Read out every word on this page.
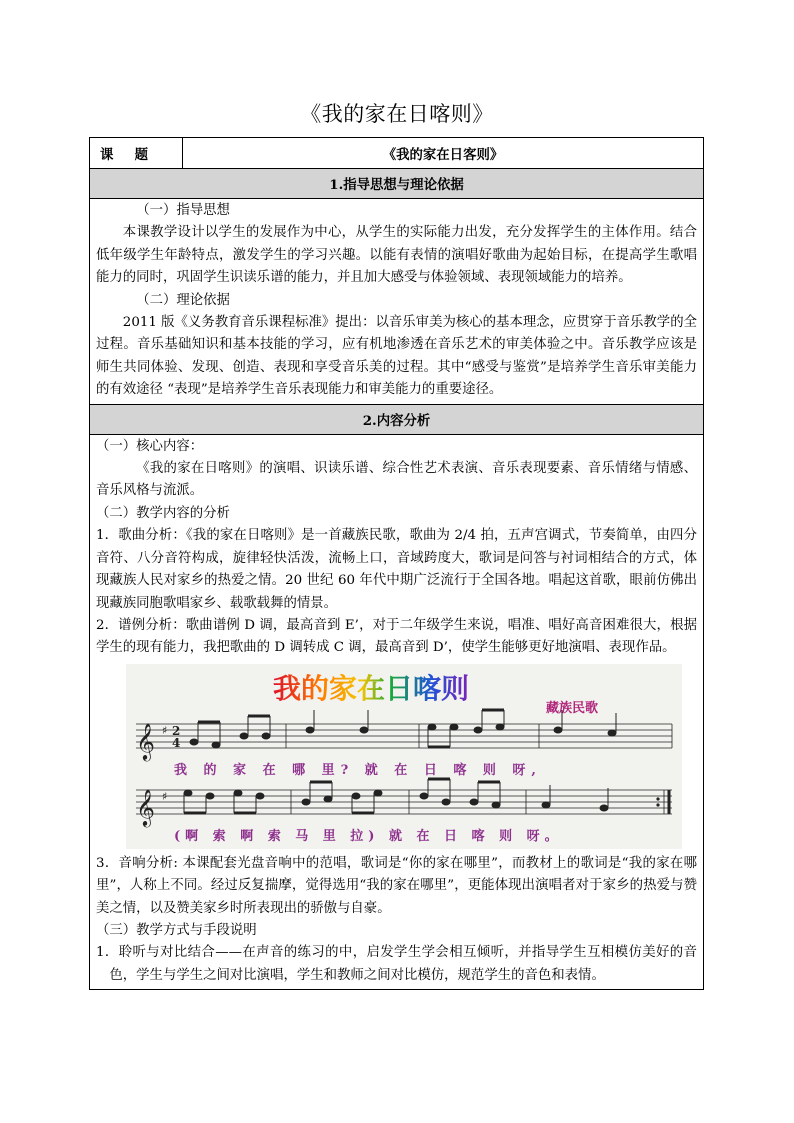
《我的家在日喀则》
课 题	《我的家在日客则》
1.指导思想与理论依据

（一）指导思想

本课教学设计以学生的发展作为中心，从学生的实际能力出发，充分发挥学生的主体作用。结合低年级学生年龄特点，激发学生的学习兴趣。以能有表情的演唱好歌曲为起始目标，在提高学生歌唱能力的同时，巩固学生识读乐谱的能力，并且加大感受与体验领域、表现领域能力的培养。

（二）理论依据

2011 版《义务教育音乐课程标准》提出：以音乐审美为核心的基本理念，应贯穿于音乐教学的全过程。音乐基础知识和基本技能的学习，应有机地渗透在音乐艺术的审美体验之中。音乐教学应该是师生共同体验、发现、创造、表现和享受音乐美的过程。其中“感受与鉴赏”是培养学生音乐审美能力的有效途径 “表现”是培养学生音乐表现能力和审美能力的重要途径。

2.内容分析

（一）核心内容：

《我的家在日喀则》的演唱、识读乐谱、综合性艺术表演、音乐表现要素、音乐情绪与情感、音乐风格与流派。

（二）教学内容的分析

1．歌曲分析：《我的家在日喀则》是一首藏族民歌，歌曲为 2/4 拍，五声宫调式，节奏简单，由四分音符、八分音符构成，旋律轻快活泼，流畅上口，音域跨度大，歌词是问答与衬词相结合的方式，体现藏族人民对家乡的热爱之情。20 世纪 60 年代中期广泛流行于全国各地。唱起这首歌，眼前仿佛出现藏族同胞歌唱家乡、载歌载舞的情景。

2．谱例分析：歌曲谱例 D 调，最高音到 E’，对于二年级学生来说，唱准、唱好高音困难很大，根据学生的现有能力，我把歌曲的 D 调转成 C 调，最高音到 D’，使学生能够更好地演唱、表现作品。

我的家在日喀则
藏族民歌
𝄞 ♯ 2
4
我 的 家 在 哪 里? 就 在 日 喀 则 呀,
𝄞 ♯
(啊 索 啊 索 马 里 拉) 就 在 日 喀 则 呀。

3．音响分析: 本课配套光盘音响中的范唱，歌词是“你的家在哪里”，而教材上的歌词是“我的家在哪里”，人称上不同。经过反复揣摩，觉得选用“我的家在哪里”，更能体现出演唱者对于家乡的热爱与赞美之情，以及赞美家乡时所表现出的骄傲与自豪。

（三）教学方式与手段说明

1．聆听与对比结合——在声音的练习的中，启发学生学会相互倾听，并指导学生互相模仿美好的音色，学生与学生之间对比演唱，学生和教师之间对比模仿，规范学生的音色和表情。
